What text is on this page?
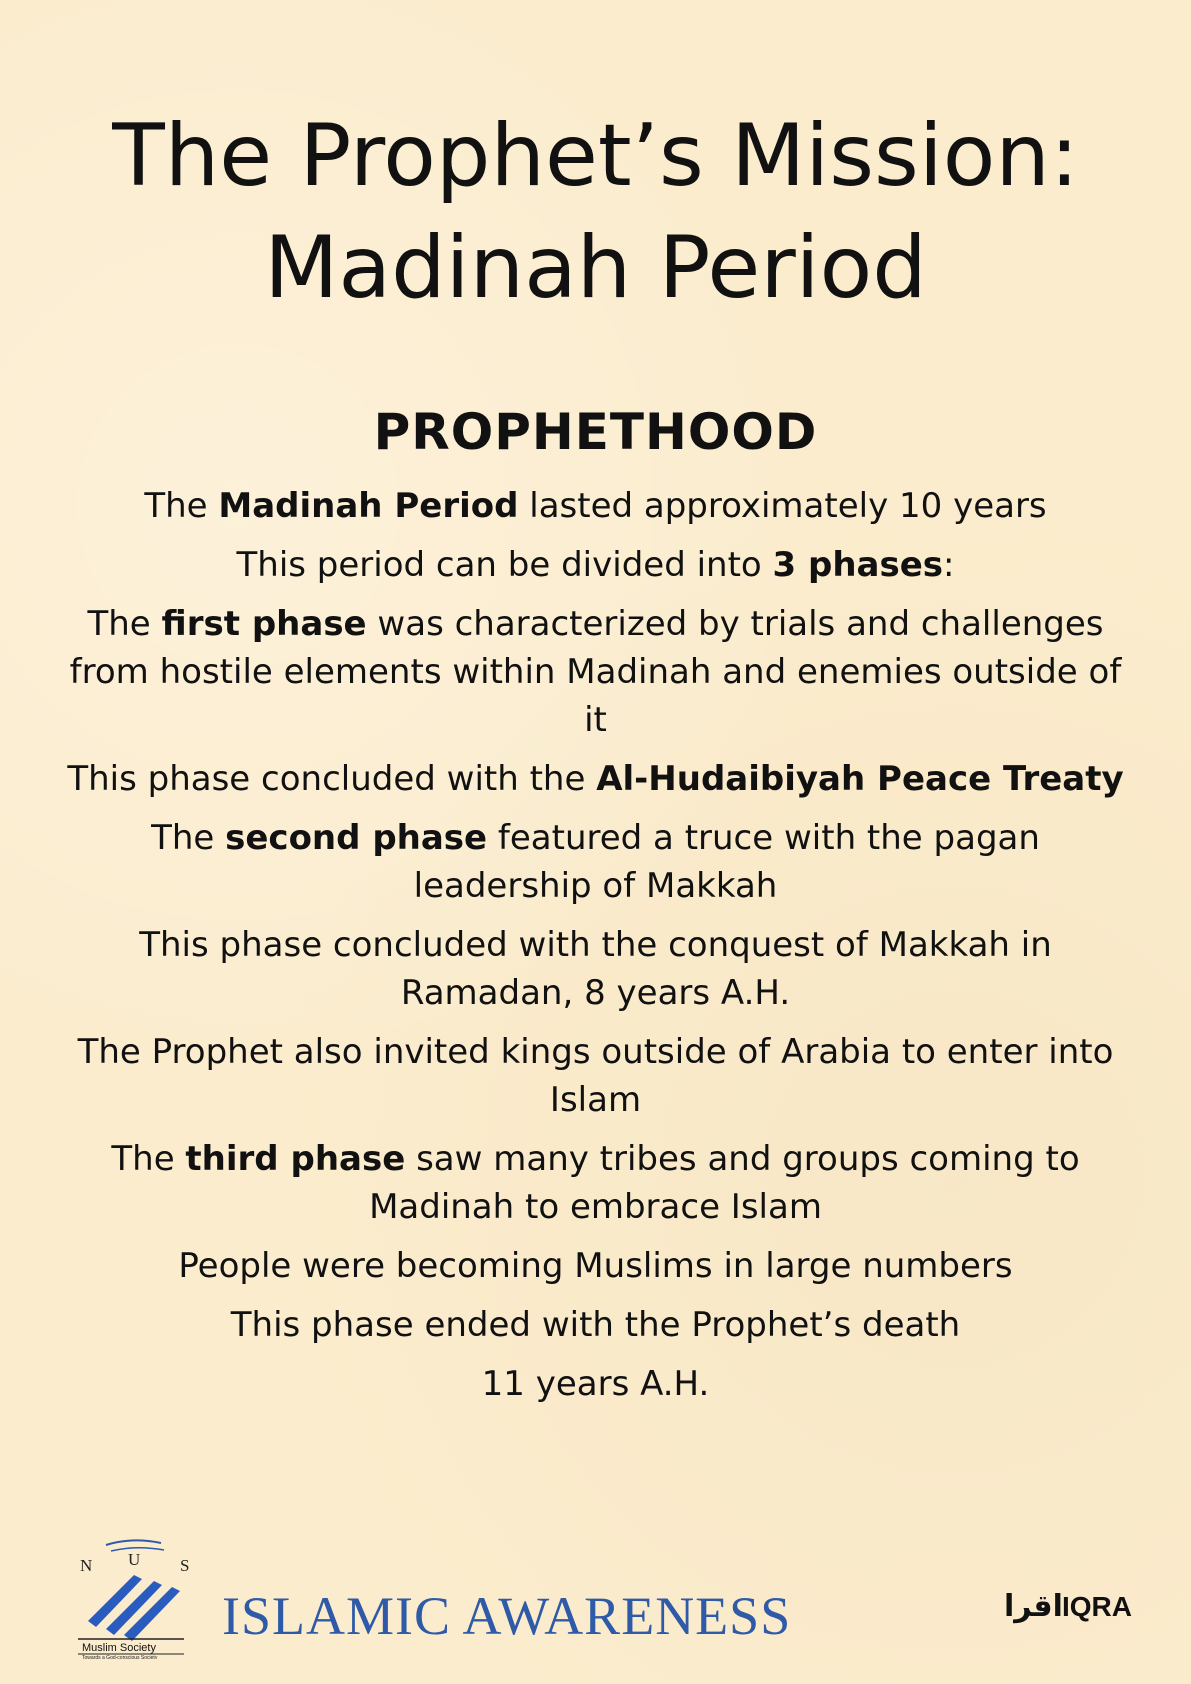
The Prophet’s Mission:
Madinah Period
PROPHETHOOD

The Madinah Period lasted approximately 10 years

This period can be divided into 3 phases:

The first phase was characterized by trials and challenges from hostile elements within Madinah and enemies outside of it

This phase concluded with the Al-Hudaibiyah Peace Treaty

The second phase featured a truce with the pagan leadership of Makkah

This phase concluded with the conquest of Makkah in Ramadan, 8 years A.H.

The Prophet also invited kings outside of Arabia to enter into Islam

The third phase saw many tribes and groups coming to Madinah to embrace Islam

People were becoming Muslims in large numbers

This phase ended with the Prophet’s death

11 years A.H.

N U S
Muslim Society
Towards a God-conscious Society
ISLAMIC AWARENESS	اقرا IQRA
